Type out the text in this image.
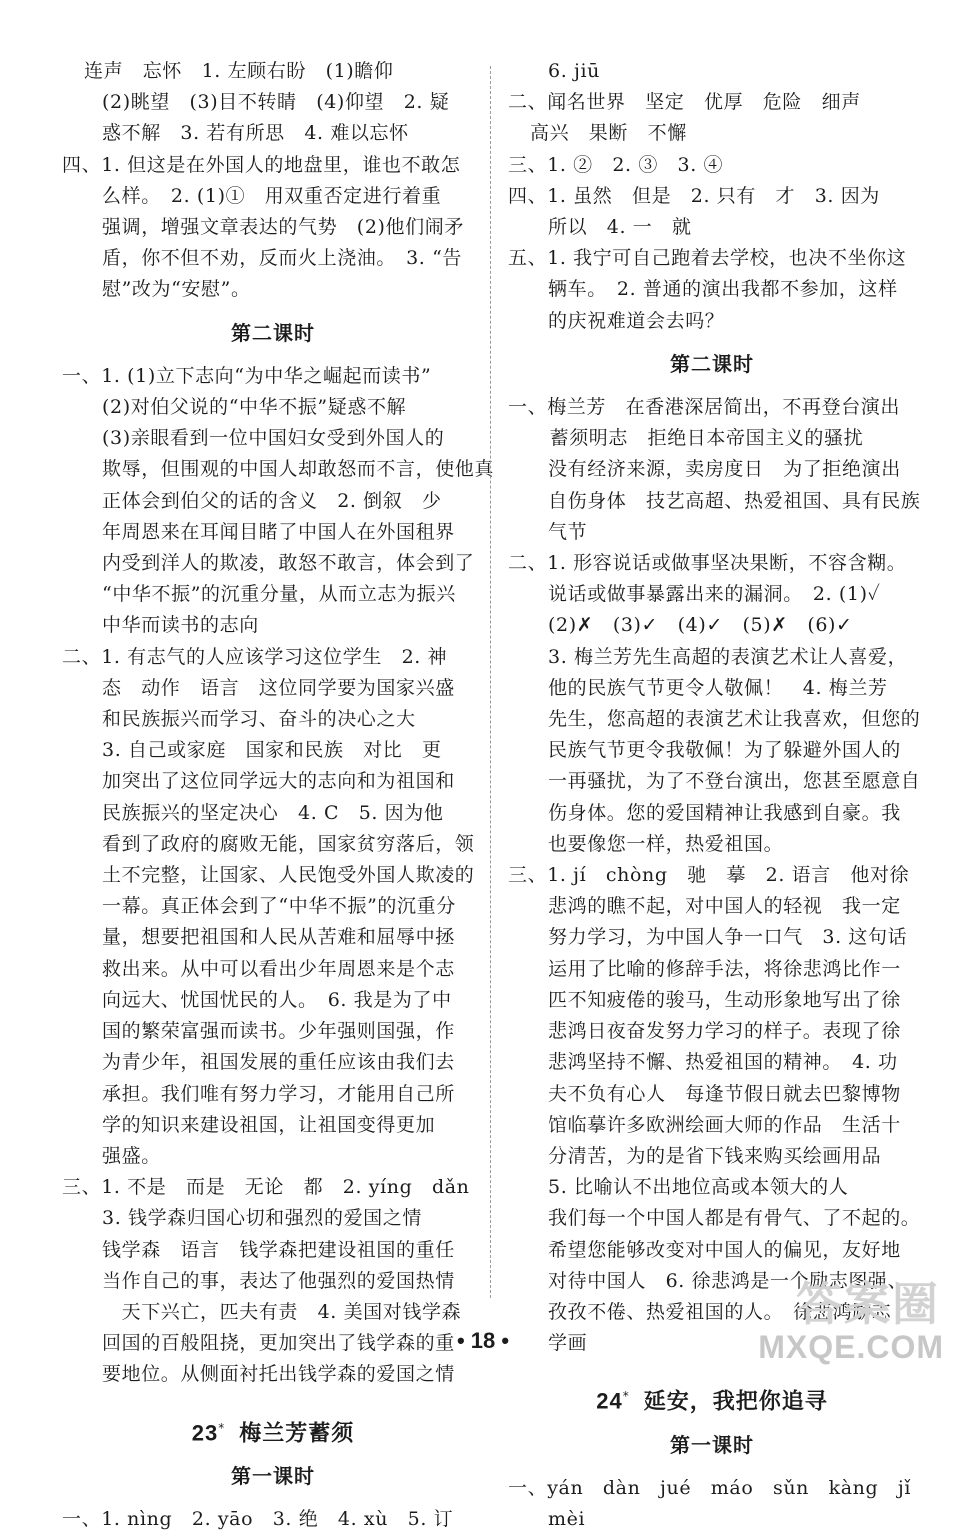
连声　忘怀　1. 左顾右盼　(1)瞻仰
(2)眺望　(3)目不转睛　(4)仰望　2. 疑
惑不解　3. 若有所思　4. 难以忘怀
四、1. 但这是在外国人的地盘里，谁也不敢怎
么样。　2. (1)①　用双重否定进行着重
强调，增强文章表达的气势　(2)他们闹矛
盾，你不但不劝，反而火上浇油。　3. “告
慰”改为“安慰”。
第二课时
一、1. (1)立下志向“为中华之崛起而读书”
(2)对伯父说的“中华不振”疑惑不解
(3)亲眼看到一位中国妇女受到外国人的
欺辱，但围观的中国人却敢怒而不言，使他真
正体会到伯父的话的含义　2. 倒叙　少
年周恩来在耳闻目睹了中国人在外国租界
内受到洋人的欺凌，敢怒不敢言，体会到了
“中华不振”的沉重分量，从而立志为振兴
中华而读书的志向
二、1. 有志气的人应该学习这位学生　2. 神
态　动作　语言　这位同学要为国家兴盛
和民族振兴而学习、奋斗的决心之大
3. 自己或家庭　国家和民族　对比　更
加突出了这位同学远大的志向和为祖国和
民族振兴的坚定决心　4. C　5. 因为他
看到了政府的腐败无能，国家贫穷落后，领
土不完整，让国家、人民饱受外国人欺凌的
一幕。真正体会到了“中华不振”的沉重分
量，想要把祖国和人民从苦难和屈辱中拯
救出来。从中可以看出少年周恩来是个志
向远大、忧国忧民的人。　6. 我是为了中
国的繁荣富强而读书。少年强则国强，作
为青少年，祖国发展的重任应该由我们去
承担。我们唯有努力学习，才能用自己所
学的知识来建设祖国，让祖国变得更加
强盛。
三、1. 不是　而是　无论　都　2. yíng　dǎn
3. 钱学森归国心切和强烈的爱国之情
钱学森　语言　钱学森把建设祖国的重任
当作自己的事，表达了他强烈的爱国热情
　天下兴亡，匹夫有责　4. 美国对钱学森
回国的百般阻挠，更加突出了钱学森的重
要地位。从侧面衬托出钱学森的爱国之情
23* 梅兰芳蓄须
第一课时
一、1. nìng　2. yāo　3. 绝　4. xù　5. 订
6. jiū
二、闻名世界　坚定　优厚　危险　细声
高兴　果断　不懈
三、1. ②　2. ③　3. ④
四、1. 虽然　但是　2. 只有　才　3. 因为
所以　4. 一　就
五、1. 我宁可自己跑着去学校，也决不坐你这
辆车。　2. 普通的演出我都不参加，这样
的庆祝难道会去吗？
第二课时
一、梅兰芳　在香港深居简出，不再登台演出
　蓄须明志　拒绝日本帝国主义的骚扰
没有经济来源，卖房度日　为了拒绝演出
自伤身体　技艺高超、热爱祖国、具有民族
气节
二、1. 形容说话或做事坚决果断，不容含糊。
说话或做事暴露出来的漏洞。　2. (1)✓
(2)✗　(3)✓　(4)✓　(5)✗　(6)✓
3. 梅兰芳先生高超的表演艺术让人喜爱，
他的民族气节更令人敬佩！　4. 梅兰芳
先生，您高超的表演艺术让我喜欢，但您的
民族气节更令我敬佩！为了躲避外国人的
一再骚扰，为了不登台演出，您甚至愿意自
伤身体。您的爱国精神让我感到自豪。我
也要像您一样，热爱祖国。
三、1. jí　chòng　驰　摹　2. 语言　他对徐
悲鸿的瞧不起，对中国人的轻视　我一定
努力学习，为中国人争一口气　3. 这句话
运用了比喻的修辞手法，将徐悲鸿比作一
匹不知疲倦的骏马，生动形象地写出了徐
悲鸿日夜奋发努力学习的样子。表现了徐
悲鸿坚持不懈、热爱祖国的精神。　4. 功
夫不负有心人　每逢节假日就去巴黎博物
馆临摹许多欧洲绘画大师的作品　生活十
分清苦，为的是省下钱来购买绘画用品
5. 比喻认不出地位高或本领大的人
我们每一个中国人都是有骨气、了不起的。
希望您能够改变对中国人的偏见，友好地
对待中国人　6. 徐悲鸿是一个励志图强、
孜孜不倦、热爱祖国的人。　徐悲鸿励志
学画
24* 延安，我把你追寻
第一课时
一、yán　dàn　jué　máo　sǔn　kàng　jǐ
mèi
• 18 •
答案圈
MXQE.COM
